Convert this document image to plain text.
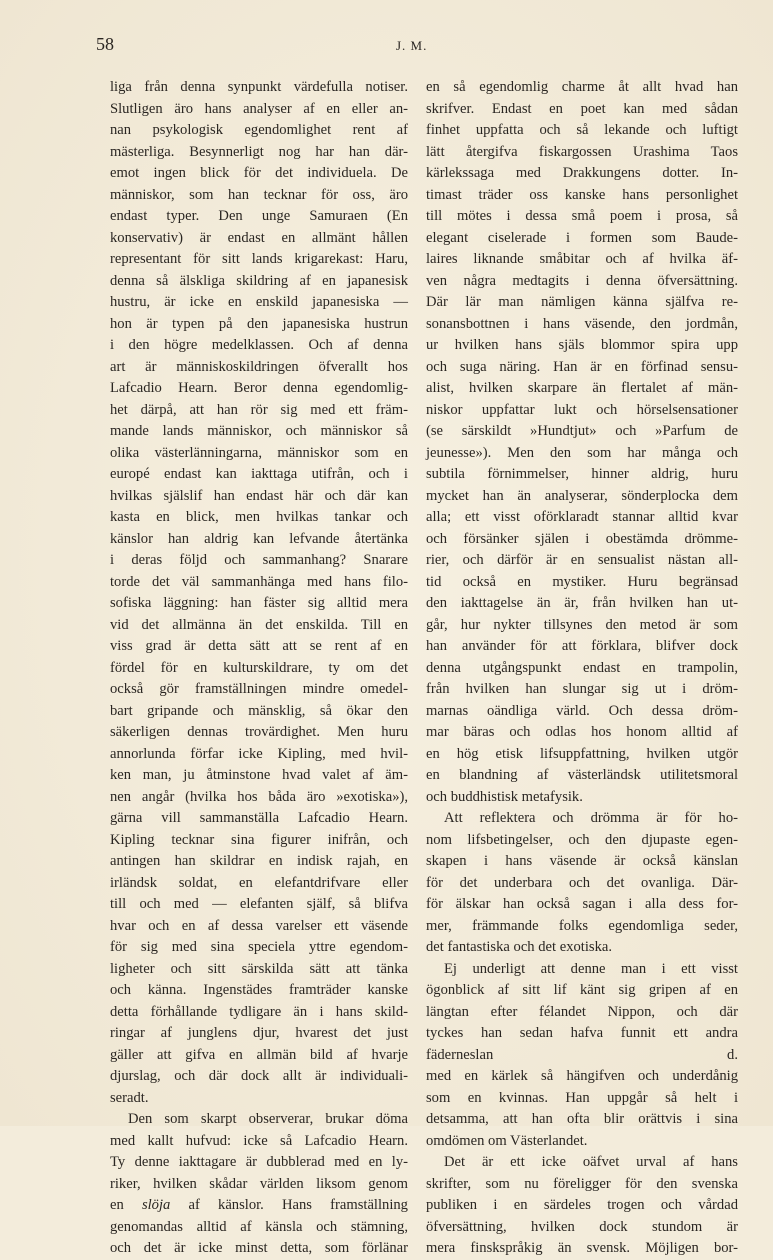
58	J. M.
liga från denna synpunkt värdefulla notiser.
Slutligen äro hans analyser af en eller an-
nan psykologisk egendomlighet rent af
mästerliga. Besynnerligt nog har han där-
emot ingen blick för det individuela. De
människor, som han tecknar för oss, äro
endast typer. Den unge Samuraen (En
konservativ) är endast en allmänt hållen
representant för sitt lands krigarekast: Haru,
denna så älskliga skildring af en japanesisk
hustru, är icke en enskild japanesiska —
hon är typen på den japanesiska hustrun
i den högre medelklassen. Och af denna
art är människoskildringen öfverallt hos
Lafcadio Hearn. Beror denna egendomlig-
het därpå, att han rör sig med ett främ-
mande lands människor, och människor så
olika västerlänningarna, människor som en
europé endast kan iakttaga utifrån, och i
hvilkas själslif han endast här och där kan
kasta en blick, men hvilkas tankar och
känslor han aldrig kan lefvande återtänka
i deras följd och sammanhang? Snarare
torde det väl sammanhänga med hans filo-
sofiska läggning: han fäster sig alltid mera
vid det allmänna än det enskilda. Till en
viss grad är detta sätt att se rent af en
fördel för en kulturskildrare, ty om det
också gör framställningen mindre omedel-
bart gripande och mänsklig, så ökar den
säkerligen dennas trovärdighet. Men huru
annorlunda förfar icke Kipling, med hvil-
ken man, ju åtminstone hvad valet af äm-
nen angår (hvilka hos båda äro »exotiska»),
gärna vill sammanställa Lafcadio Hearn.
Kipling tecknar sina figurer inifrån, och
antingen han skildrar en indisk rajah, en
irländsk soldat, en elefantdrifvare eller
till och med — elefanten själf, så blifva
hvar och en af dessa varelser ett väsende
för sig med sina speciela yttre egendom-
ligheter och sitt särskilda sätt att tänka
och känna. Ingenstädes framträder kanske
detta förhållande tydligare än i hans skild-
ringar af junglens djur, hvarest det just
gäller att gifva en allmän bild af hvarje
djurslag, och där dock allt är individuali-
seradt.
Den som skarpt observerar, brukar döma
med kallt hufvud: icke så Lafcadio Hearn.
Ty denne iakttagare är dubblerad med en ly-
riker, hvilken skådar världen liksom genom
en slöja af känslor. Hans framställning
genomandas alltid af känsla och stämning,
och det är icke minst detta, som förlänar
en så egendomlig charme åt allt hvad han
skrifver. Endast en poet kan med sådan
finhet uppfatta och så lekande och luftigt
lätt återgifva fiskargossen Urashima Taos
kärlekssaga med Drakkungens dotter. In-
timast träder oss kanske hans personlighet
till mötes i dessa små poem i prosa, så
elegant ciselerade i formen som Baude-
laires liknande småbitar och af hvilka äf-
ven några medtagits i denna öfversättning.
Där lär man nämligen känna själfva re-
sonansbottnen i hans väsende, den jordmån,
ur hvilken hans själs blommor spira upp
och suga näring. Han är en förfinad sensu-
alist, hvilken skarpare än flertalet af män-
niskor uppfattar lukt och hörselsensationer
(se särskildt »Hundtjut» och »Parfum de
jeunesse»). Men den som har många och
subtila förnimmelser, hinner aldrig, huru
mycket han än analyserar, sönderplocka dem
alla; ett visst oförklaradt stannar alltid kvar
och försänker själen i obestämda drömme-
rier, och därför är en sensualist nästan all-
tid också en mystiker. Huru begränsad
den iakttagelse än är, från hvilken han ut-
går, hur nykter tillsynes den metod är som
han använder för att förklara, blifver dock
denna utgångspunkt endast en trampolin,
från hvilken han slungar sig ut i dröm-
marnas oändliga värld. Och dessa dröm-
mar bäras och odlas hos honom alltid af
en hög etisk lifsuppfattning, hvilken utgör
en blandning af västerländsk utilitetsmoral
och buddhistisk metafysik.
Att reflektera och drömma är för ho-
nom lifsbetingelser, och den djupaste egen-
skapen i hans väsende är också känslan
för det underbara och det ovanliga. Där-
för älskar han också sagan i alla dess for-
mer, främmande folks egendomliga seder,
det fantastiska och det exotiska.
Ej underligt att denne man i ett visst
ögonblick af sitt lif känt sig gripen af en
längtan efter félandet Nippon, och där
tyckes han sedan hafva funnit ett andra
fäderneslan d.
med en kärlek så hängifven och underdånig
som en kvinnas. Han uppgår så helt i
detsamma, att han ofta blir orättvis i sina
omdömen om Västerlandet.
Det är ett icke oäfvet urval af hans
skrifter, som nu föreligger för den svenska
publiken i en särdeles trogen och vårdad
öfversättning, hvilken dock stundom är
mera finskspråkig än svensk. Möjligen bor-
